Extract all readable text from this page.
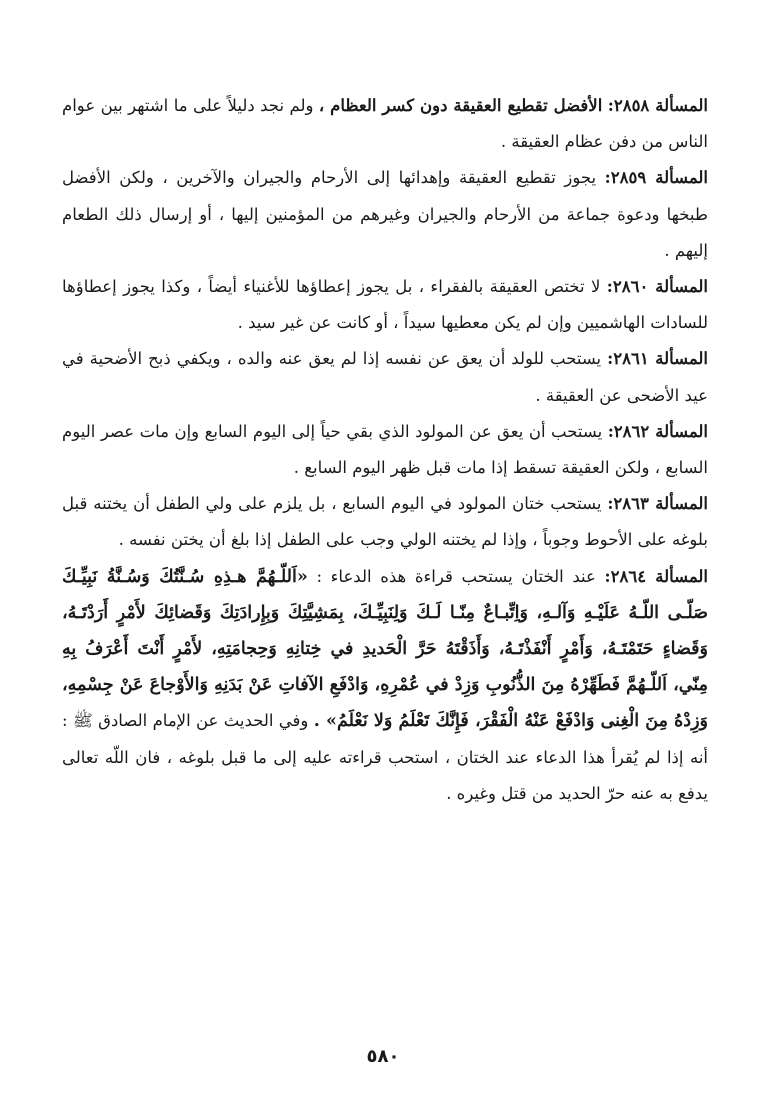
المسألة ٢٨٥٨: الأفضل تقطيع العقيقة دون كسر العظام ، ولم نجد دليلاً على ما اشتهر بين عوام الناس من دفن عظام العقيقة .

المسألة ٢٨٥٩: يجوز تقطيع العقيقة وإهدائها إلى الأرحام والجيران والآخرين ، ولكن الأفضل طبخها ودعوة جماعة من الأرحام والجيران وغيرهم من المؤمنين إليها ، أو إرسال ذلك الطعام إليهم .

المسألة ٢٨٦٠: لا تختص العقيقة بالفقراء ، بل يجوز إعطاؤها للأغنياء أيضاً ، وكذا يجوز إعطاؤها للسادات الهاشميين وإن لم يكن معطيها سيداً ، أو كانت عن غير سيد .

المسألة ٢٨٦١: يستحب للولد أن يعق عن نفسه إذا لم يعق عنه والده ، ويكفي ذبح الأضحية في عيد الأضحى عن العقيقة .

المسألة ٢٨٦٢: يستحب أن يعق عن المولود الذي بقي حياً إلى اليوم السابع وإن مات عصر اليوم السابع ، ولكن العقيقة تسقط إذا مات قبل ظهر اليوم السابع .

المسألة ٢٨٦٣: يستحب ختان المولود في اليوم السابع ، بل يلزم على ولي الطفل أن يختنه قبل بلوغه على الأحوط وجوباً ، وإذا لم يختنه الولي وجب على الطفل إذا بلغ أن يختن نفسه .

المسألة ٢٨٦٤: عند الختان يستحب قراءة هذه الدعاء : «اَللّـهُمَّ هـذِهِ سُـنَّتُكَ وَسُـنَّةُ نَبِيِّـكَ صَلّـى اللّـهُ عَلَيْـهِ وَآلـهِ، وَاِتِّبـاعٌ مِنّـا لَـكَ وَلِنَبِيِّـكَ، بِمَشِيَّتِكَ وَبِإِرادَتِكَ وَقَضائِكَ لأَمْرٍ أَرَدْتَـهُ، وَقَضاءٍ حَتَمْتَـهُ، وَأَمْرٍ أَنْفَذْتَـهُ، وَأَذَقْتَهُ حَرَّ الْحَديدِ في خِتانِهِ وَحِجامَتِهِ، لأَمْرٍ أَنْتَ أَعْرَفُ بِهِ مِنّي، اَللّـهُمَّ فَطَهِّرْهُ مِنَ الذُّنُوبِ وَزِدْ في عُمْرِهِ، وَادْفَعِ الآفاتِ عَنْ بَدَنِهِ وَالأَوْجاعَ عَنْ جِسْمِهِ، وَزِدْهُ مِنَ الْغِنى وَادْفَعْ عَنْهُ الْفَقْرَ، فَإِنَّكَ تَعْلَمُ وَلا نَعْلَمُ» . وفي الحديث عن الإمام الصادق ﷺ : أنه إذا لم يُقرأ هذا الدعاء عند الختان ، استحب قراءته عليه إلى ما قبل بلوغه ، فان اللّه تعالى يدفع به عنه حرّ الحديد من قتل وغيره .

٥٨٠
